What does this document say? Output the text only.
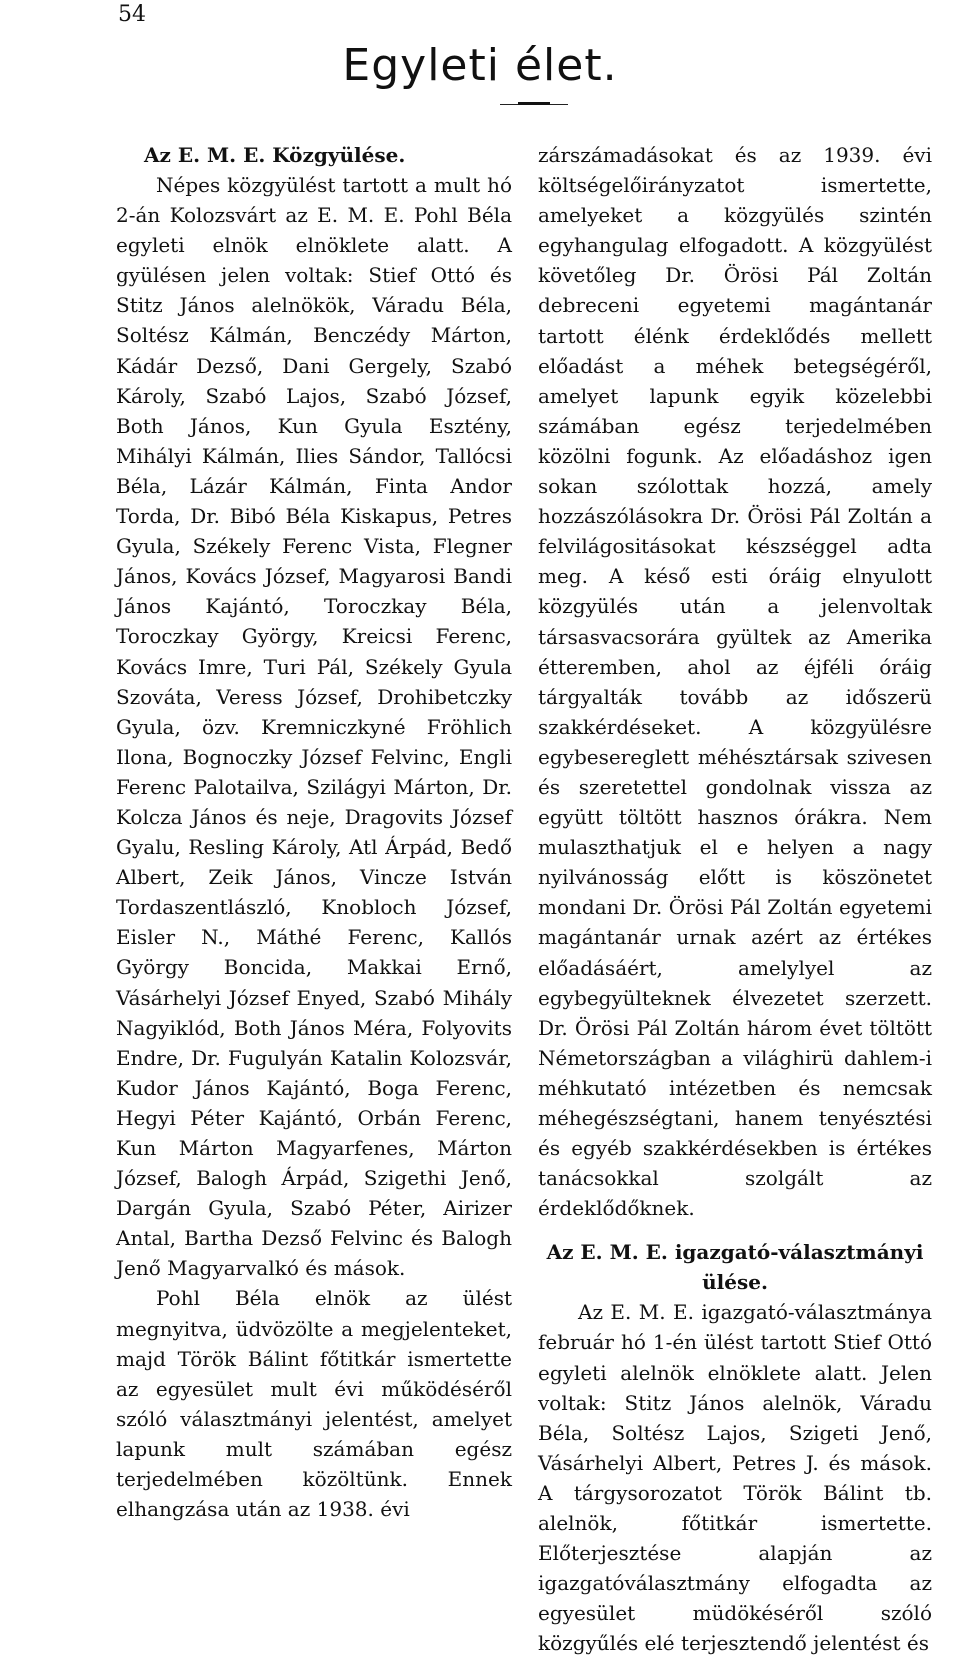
54
Egyleti élet.
Az E. M. E. Közgyülése.

Népes közgyülést tartott a mult hó 2-án Kolozsvárt az E. M. E. Pohl Béla egyleti elnök elnöklete alatt. A gyülésen jelen voltak: Stief Ottó és Stitz János alelnökök, Váradu Béla, Soltész Kálmán, Benczédy Márton, Kádár Dezső, Dani Gergely, Szabó Károly, Szabó Lajos, Szabó József, Both János, Kun Gyula Esztény, Mihályi Kálmán, Ilies Sándor, Tallócsi Béla, Lázár Kálmán, Finta Andor Torda, Dr. Bibó Béla Kiskapus, Petres Gyula, Székely Ferenc Vista, Flegner János, Kovács József, Magyarosi Bandi János Kajántó, Toroczkay Béla, Toroczkay György, Kreicsi Ferenc, Kovács Imre, Turi Pál, Székely Gyula Szováta, Veress József, Drohibetczky Gyula, özv. Kremniczkyné Fröhlich Ilona, Bognoczky József Felvinc, Engli Ferenc Palotailva, Szilágyi Márton, Dr. Kolcza János és neje, Dragovits József Gyalu, Resling Károly, Atl Árpád, Bedő Albert, Zeik János, Vincze István Tordaszentlászló, Knobloch József, Eisler N., Máthé Ferenc, Kallós György Boncida, Makkai Ernő, Vásárhelyi József Enyed, Szabó Mihály Nagyiklód, Both János Méra, Folyovits Endre, Dr. Fugulyán Katalin Kolozsvár, Kudor János Kajántó, Boga Ferenc, Hegyi Péter Kajántó, Orbán Ferenc, Kun Márton Magyarfenes, Márton József, Balogh Árpád, Szigethi Jenő, Dargán Gyula, Szabó Péter, Airizer Antal, Bartha Dezső Felvinc és Balogh Jenő Magyarvalkó és mások.

Pohl Béla elnök az ülést megnyitva, üdvözölte a megjelenteket, majd Török Bálint főtitkár ismertette az egyesület mult évi működéséről szóló választmányi jelentést, amelyet lapunk mult számában egész terjedelmében közöltünk. Ennek elhangzása után az 1938. évi

zárszámadásokat és az 1939. évi költségelőirányzatot ismertette, amelyeket a közgyülés szintén egyhangulag elfogadott. A közgyülést követőleg Dr. Örösi Pál Zoltán debreceni egyetemi magántanár tartott élénk érdeklődés mellett előadást a méhek betegségéről, amelyet lapunk egyik közelebbi számában egész terjedelmében közölni fogunk. Az előadáshoz igen sokan szólottak hozzá, amely hozzászólásokra Dr. Örösi Pál Zoltán a felvilágositásokat készséggel adta meg. A késő esti óráig elnyulott közgyülés után a jelenvoltak társasvacsorára gyültek az Amerika étteremben, ahol az éjféli óráig tárgyalták tovább az időszerü szakkérdéseket. A közgyülésre egybesereglett méhésztársak szivesen és szeretettel gondolnak vissza az együtt töltött hasznos órákra. Nem mulaszthatjuk el e helyen a nagy nyilvánosság előtt is köszönetet mondani Dr. Örösi Pál Zoltán egyetemi magántanár urnak azért az értékes előadásáért, amelylyel az egybegyülteknek élvezetet szerzett. Dr. Örösi Pál Zoltán három évet töltött Németországban a világhirü dahlem-i méhkutató intézetben és nemcsak méhegészségtani, hanem tenyésztési és egyéb szakkérdésekben is értékes tanácsokkal szolgált az érdeklődőknek.

Az E. M. E. igazgató-választmányi ülése.

Az E. M. E. igazgató-választmánya február hó 1-én ülést tartott Stief Ottó egyleti alelnök elnöklete alatt. Jelen voltak: Stitz János alelnök, Váradu Béla, Soltész Lajos, Szigeti Jenő, Vásárhelyi Albert, Petres J. és mások. A tárgysorozatot Török Bálint tb. alelnök, főtitkár ismertette. Előterjesztése alapján az igazgatóválasztmány elfogadta az egyesület müdökéséről szóló közgyűlés elé terjesztendő jelentést és
